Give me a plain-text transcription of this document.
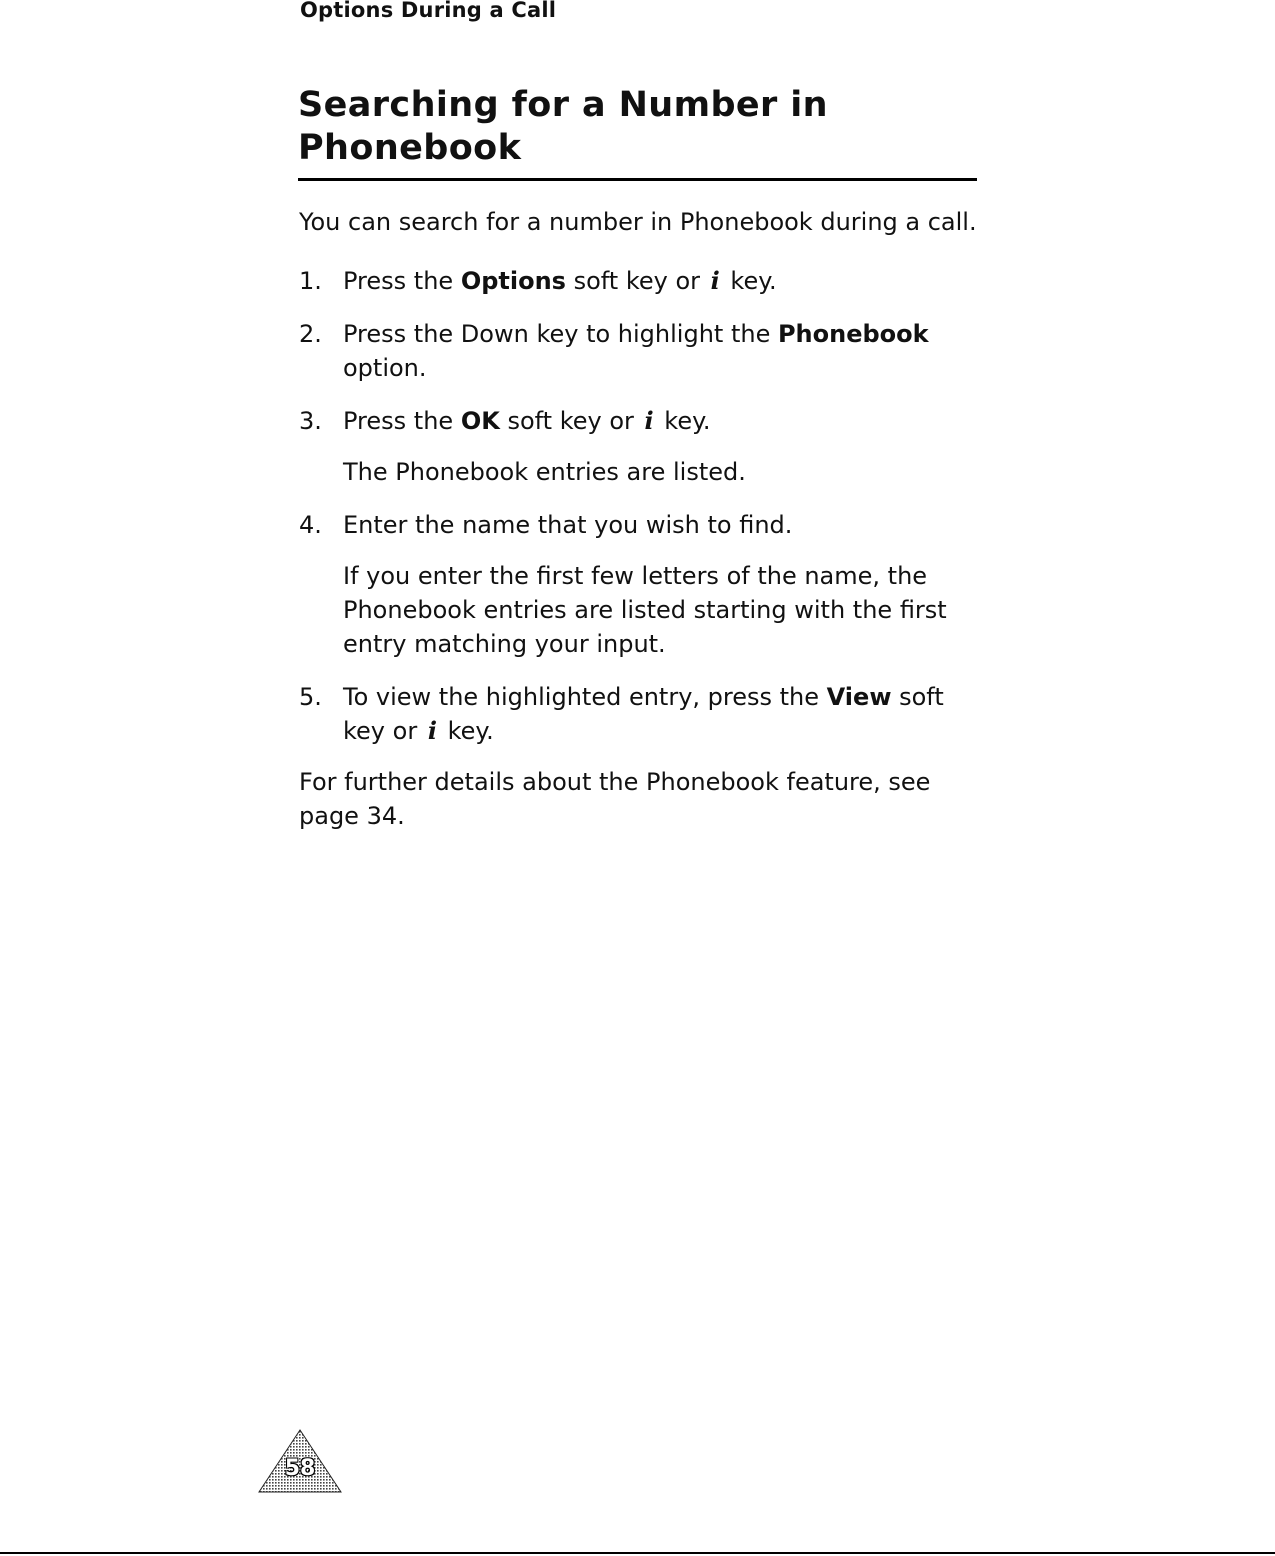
Options During a Call
Searching for a Number in
Phonebook

You can search for a number in Phonebook during a call.

1. Press the Options soft key or i key.
2. Press the Down key to highlight the Phonebook option.
3. Press the OK soft key or i key.

The Phonebook entries are listed.

4. Enter the name that you wish to find.

If you enter the first few letters of the name, the Phonebook entries are listed starting with the first entry matching your input.

5. To view the highlighted entry, press the View soft key or i key.

For further details about the Phonebook feature, see page 34.

58
